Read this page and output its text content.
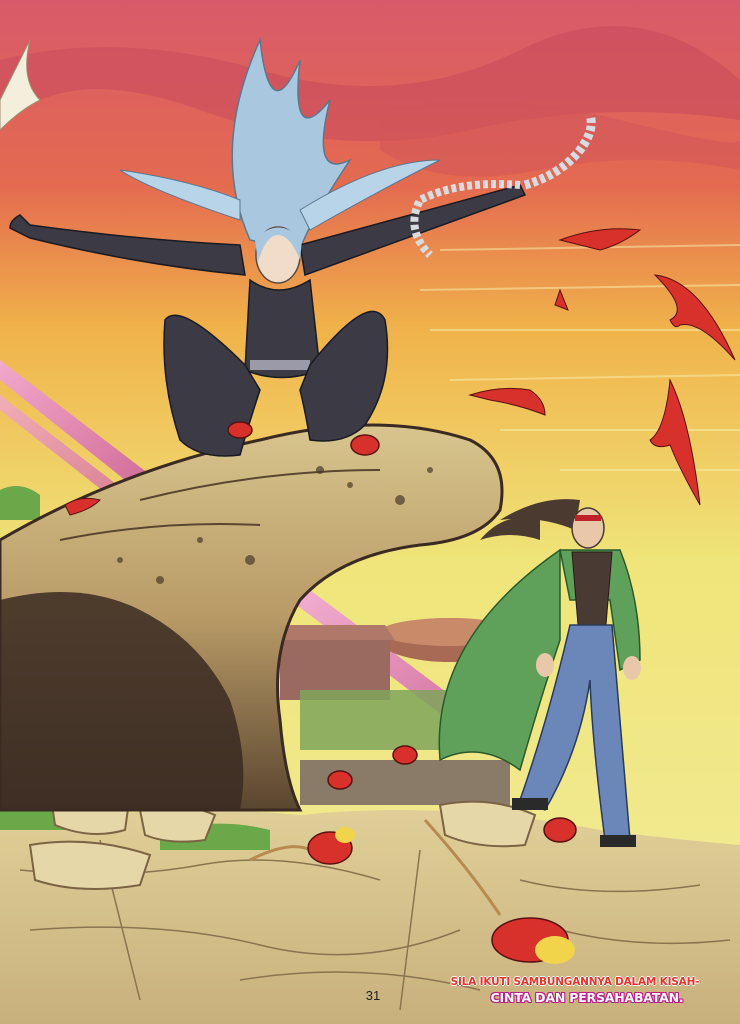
SILA IKUTI SAMBUNGANNYA DALAM KISAH-
CINTA DAN PERSAHABATAN.
31
